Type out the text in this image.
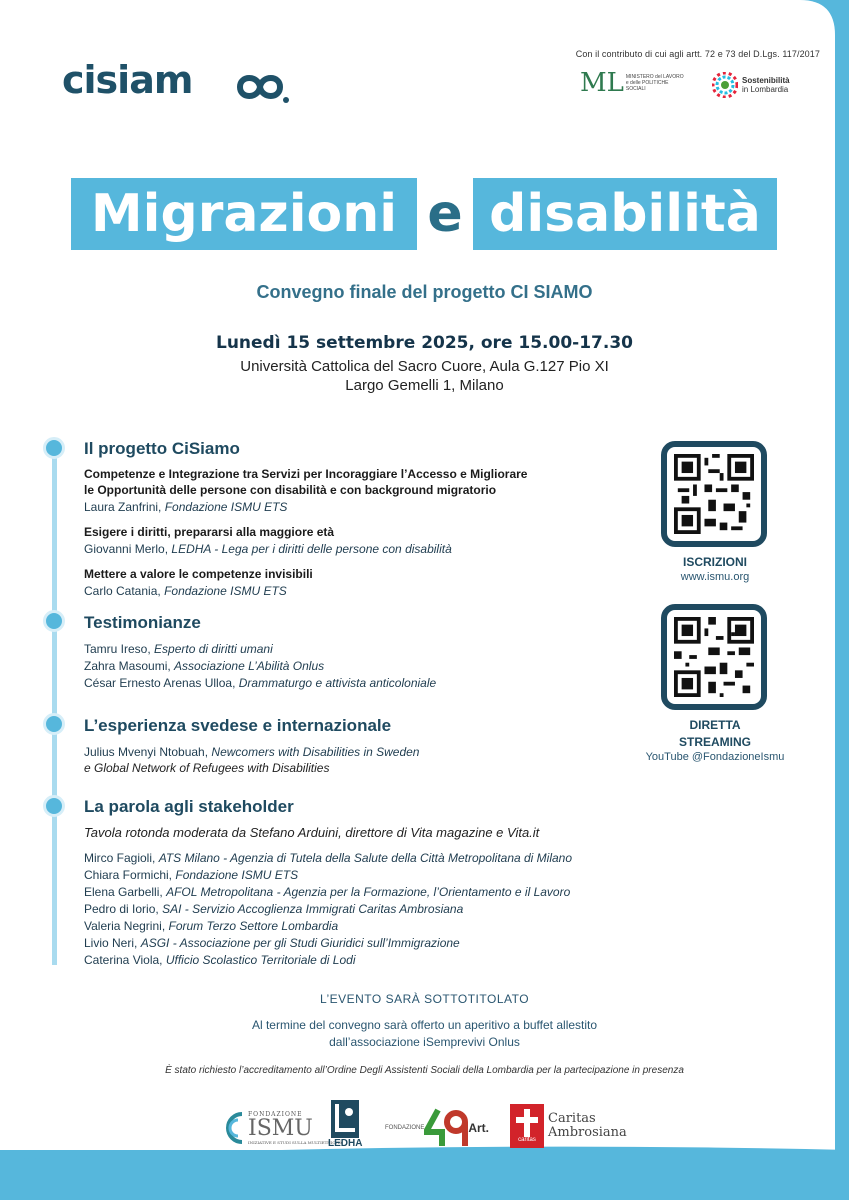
Con il contributo di cui agli artt. 72 e 73 del D.Lgs. 117/2017
cisiam	ML MINISTERO del LAVORO e delle POLITICHE SOCIALI
Sostenibilità
in Lombardia
Migrazioni e disabilità
Convegno finale del progetto CI SIAMO
Lunedì 15 settembre 2025, ore 15.00-17.30
Università Cattolica del Sacro Cuore, Aula G.127 Pio XI
Largo Gemelli 1, Milano
Il progetto CiSiamo
Competenze e Integrazione tra Servizi per Incoraggiare l’Accesso e Migliorare
le Opportunità delle persone con disabilità e con background migratorio
Laura Zanfrini, Fondazione ISMU ETS
Esigere i diritti, prepararsi alla maggiore età
Giovanni Merlo, LEDHA - Lega per i diritti delle persone con disabilità
Mettere a valore le competenze invisibili
Carlo Catania, Fondazione ISMU ETS
Testimonianze
Tamru Ireso, Esperto di diritti umani
Zahra Masoumi, Associazione L’Abilità Onlus
César Ernesto Arenas Ulloa, Drammaturgo e attivista anticoloniale
L’esperienza svedese e internazionale
Julius Mvenyi Ntobuah, Newcomers with Disabilities in Sweden
e Global Network of Refugees with Disabilities
La parola agli stakeholder
Tavola rotonda moderata da Stefano Arduini, direttore di Vita magazine e Vita.it
Mirco Fagioli, ATS Milano - Agenzia di Tutela della Salute della Città Metropolitana di Milano
Chiara Formichi, Fondazione ISMU ETS
Elena Garbelli, AFOL Metropolitana - Agenzia per la Formazione, l’Orientamento e il Lavoro
Pedro di Iorio, SAI - Servizio Accoglienza Immigrati Caritas Ambrosiana
Valeria Negrini, Forum Terzo Settore Lombardia
Livio Neri, ASGI - Associazione per gli Studi Giuridici sull’Immigrazione
Caterina Viola, Ufficio Scolastico Territoriale di Lodi
ISCRIZIONI
www.ismu.org
DIRETTA
STREAMING
YouTube @FondazioneIsmu
L’EVENTO SARÀ SOTTOTITOLATO
Al termine del convegno sarà offerto un aperitivo a buffet allestito
dall’associazione iSemprevivi Onlus
È stato richiesto l’accreditamento all’Ordine Degli Assistenti Sociali della Lombardia per la partecipazione in presenza
FONDAZIONE
ISMU
INIZIATIVE E STUDI SULLA MULTIETNICITÀ
LEDHA
FONDAZIONE	Art.
caritas
Caritas
Ambrosiana
